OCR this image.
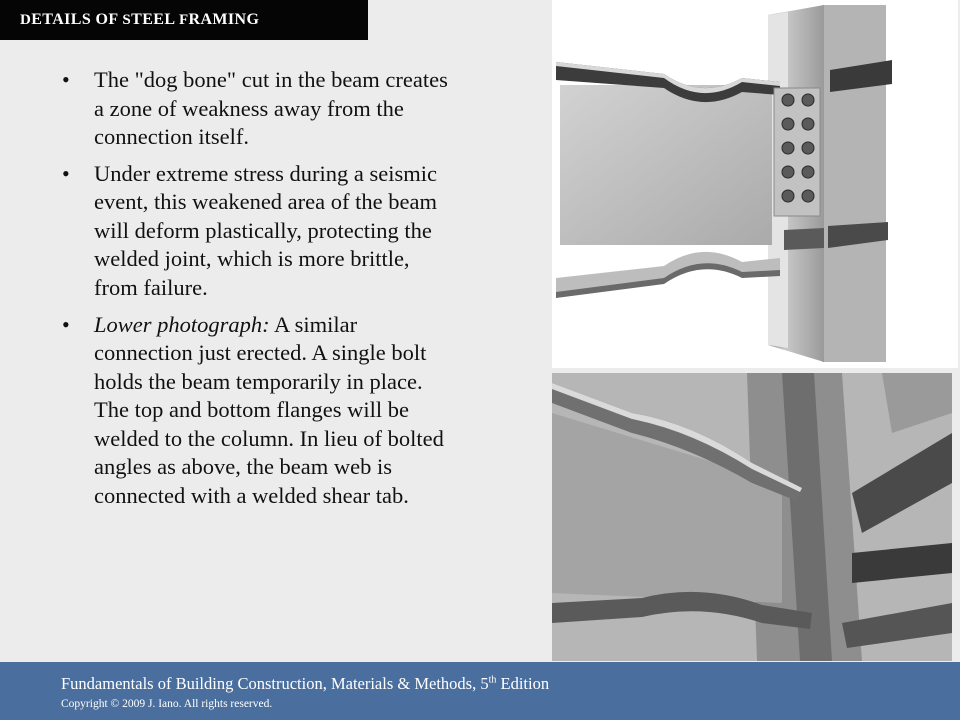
DETAILS OF STEEL FRAMING
• The "dog bone" cut in the beam creates a zone of weakness away from the connection itself.
• Under extreme stress during a seismic event, this weakened area of the beam will deform plastically, protecting the welded joint, which is more brittle, from failure.
• Lower photograph: A similar connection just erected. A single bolt holds the beam temporarily in place. The top and bottom flanges will be welded to the column. In lieu of bolted angles as above, the beam web is connected with a welded shear tab.
Fundamentals of Building Construction, Materials & Methods, 5th Edition
Copyright © 2009 J. Iano. All rights reserved.
